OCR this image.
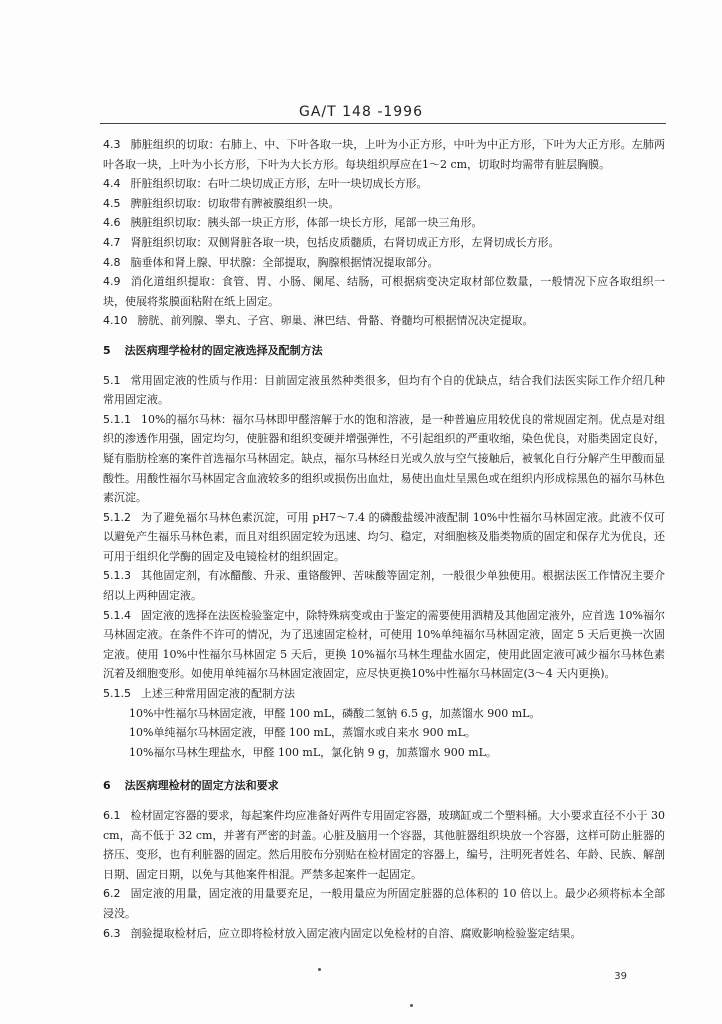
GA/T 148 -1996

4.3 肺脏组织的切取：右肺上、中、下叶各取一块，上叶为小正方形，中叶为中正方形，下叶为大正方形。左肺两叶各取一块，上叶为小长方形，下叶为大长方形。每块组织厚应在1～2 cm，切取时均需带有脏层胸膜。

4.4 肝脏组织切取：右叶二块切成正方形，左叶一块切成长方形。

4.5 脾脏组织切取：切取带有脾被膜组织一块。

4.6 胰脏组织切取：胰头部一块正方形，体部一块长方形，尾部一块三角形。

4.7 肾脏组织切取：双侧肾脏各取一块，包括皮质髓质，右肾切成正方形，左肾切成长方形。

4.8 脑垂体和肾上腺、甲状腺：全部提取，胸腺根据情况提取部分。

4.9 消化道组织提取：食管、胃、小肠、阑尾、结肠，可根据病变决定取材部位数量，一般情况下应各取组织一块，使展将浆膜面粘附在纸上固定。

4.10 膀胱、前列腺、睾丸、子宫、卵巢、淋巴结、骨骼、脊髓均可根据情况决定提取。

5 法医病理学检材的固定液选择及配制方法

5.1 常用固定液的性质与作用：目前固定液虽然种类很多，但均有个自的优缺点，结合我们法医实际工作介绍几种常用固定液。

5.1.1 10%的福尔马林：福尔马林即甲醛溶解于水的饱和溶液，是一种普遍应用较优良的常规固定剂。优点是对组织的渗透作用强，固定均匀，使脏器和组织变硬并增强弹性，不引起组织的严重收缩，染色优良，对脂类固定良好，疑有脂肪栓塞的案件首选福尔马林固定。缺点，福尔马林经日光或久放与空气接触后，被氧化自行分解产生甲酸而显酸性。用酸性福尔马林固定含血液较多的组织或损伤出血灶，易使出血灶呈黑色或在组织内形成棕黑色的福尔马林色素沉淀。

5.1.2 为了避免福尔马林色素沉淀，可用 pH7～7.4 的磷酸盐缓冲液配制 10%中性福尔马林固定液。此液不仅可以避免产生福乐马林色素，而且对组织固定较为迅速、均匀、稳定，对细胞核及脂类物质的固定和保存尤为优良，还可用于组织化学酶的固定及电镜检材的组织固定。

5.1.3 其他固定剂，有冰醋酸、升汞、重铬酸钾、苦味酸等固定剂，一般很少单独使用。根据法医工作情况主要介绍以上两种固定液。

5.1.4 固定液的选择在法医检验鉴定中，除特殊病变或由于鉴定的需要使用酒精及其他固定液外，应首选 10%福尔马林固定液。在条件不许可的情况，为了迅速固定检材，可使用 10%单纯福尔马林固定液，固定 5 天后更换一次固定液。使用 10%中性福尔马林固定 5 天后，更换 10%福尔马林生理盐水固定，使用此固定液可减少福尔马林色素沉着及细胞变形。如使用单纯福尔马林固定液固定，应尽快更换10%中性福尔马林固定(3～4 天内更换)。

5.1.5 上述三种常用固定液的配制方法

10%中性福尔马林固定液，甲醛 100 mL，磷酸二氢钠 6.5 g，加蒸馏水 900 mL。

10%单纯福尔马林固定液，甲醛 100 mL，蒸馏水或自来水 900 mL。

10%福尔马林生理盐水，甲醛 100 mL，氯化钠 9 g，加蒸馏水 900 mL。

6 法医病理检材的固定方法和要求

6.1 检材固定容器的要求，每起案件均应准备好两件专用固定容器，玻璃缸或二个塑料桶。大小要求直径不小于 30 cm，高不低于 32 cm，并著有严密的封盖。心脏及脑用一个容器，其他脏器组织块放一个容器，这样可防止脏器的挤压、变形，也有利脏器的固定。然后用胶布分别贴在检材固定的容器上，编号，注明死者姓名、年龄、民族、解剖日期、固定日期，以免与其他案件相混。严禁多起案件一起固定。

6.2 固定液的用量，固定液的用量要充足，一般用量应为所固定脏器的总体积的 10 倍以上。最少必须将标本全部浸没。

6.3 剖验提取检材后，应立即将检材放入固定液内固定以免检材的自溶、腐败影响检验鉴定结果。

39
